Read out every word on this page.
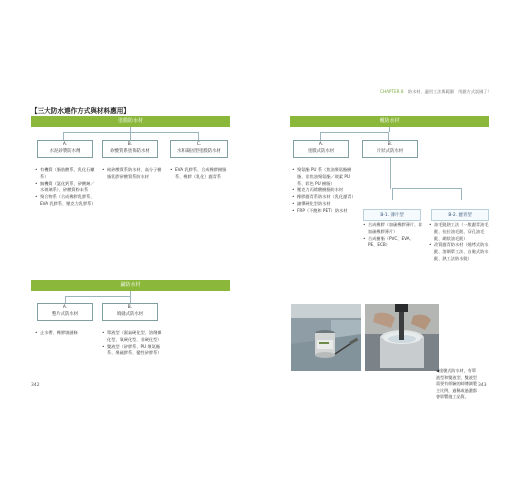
CHAPTER 8 防水材、適用工法與範圍　用錯方式誤國了！
【三大防水連作方式與材料應用】
塗膜防水材
A.
水泥砂漿防水劑
B.
矽酸質系塗佈防水材
C.
水和凝固型塗膜防水材
• 有機質（脂肪酸系、乳化石蠟系）
• 無機質（氯化鈣系、矽酸鈉／水玻璃系）、矽酸質粉末系
• 聚合物系（合成橡膠乳膠系、EVA 乳膠系、壓克力乳膠系）
• 純矽酸質系防水材、高分子樹脂乳膠矽酸質系防水材
• EVA 乳膠系、合成橡膠樹脂系、橡膠（乳化）瀝青系
鋪防水材
A.
整片式防水材
B.
填縫式防水材
• 止水帶、橡膠填縫條
•	單液型（濕氣硬化型、溶劑揮化型、氧硬化型、非硬化型）
• 雙液型（矽膠系、PU 聚氨酯系、聚硫膠系、變性矽膠系）
342
覆防水材
A.
塗膜式防水材
B.
片狀式防水材
• 聚氨酯 PU 系（焦油聚氨酯樹脂、非焦油聚氨酯／玻素 PU 系、彩色 PU 樹脂）
• 壓克力丙烯酸樹脂防水材
• 橡膠瀝青系防水材（乳化瀝青）
• 錦彈硬化型防水材
• FRP（不飽和 PET）防水材
B-1. 薄片型	B-2. 瀝青型
• 合成橡膠（加硫橡膠薄片、非加硫橡膠薄片）
• 合成樹脂（PVC、EVA、PE、ECB）
• 油毛氈熱工法（一般瀝青油毛氈、抗拉油毛氈、穿孔油毛氈、網狀油毛氈）
• 改質瀝青防水材（燒烤式防水氈、溶劑單工法、自黏式防水氈、熱工法防水氈）
◀塗膜式防水材，有單液型和雙液型，雙液型需要有經驗的師傅調製主比例，過稀或過濃都會影響施工品質。
343
